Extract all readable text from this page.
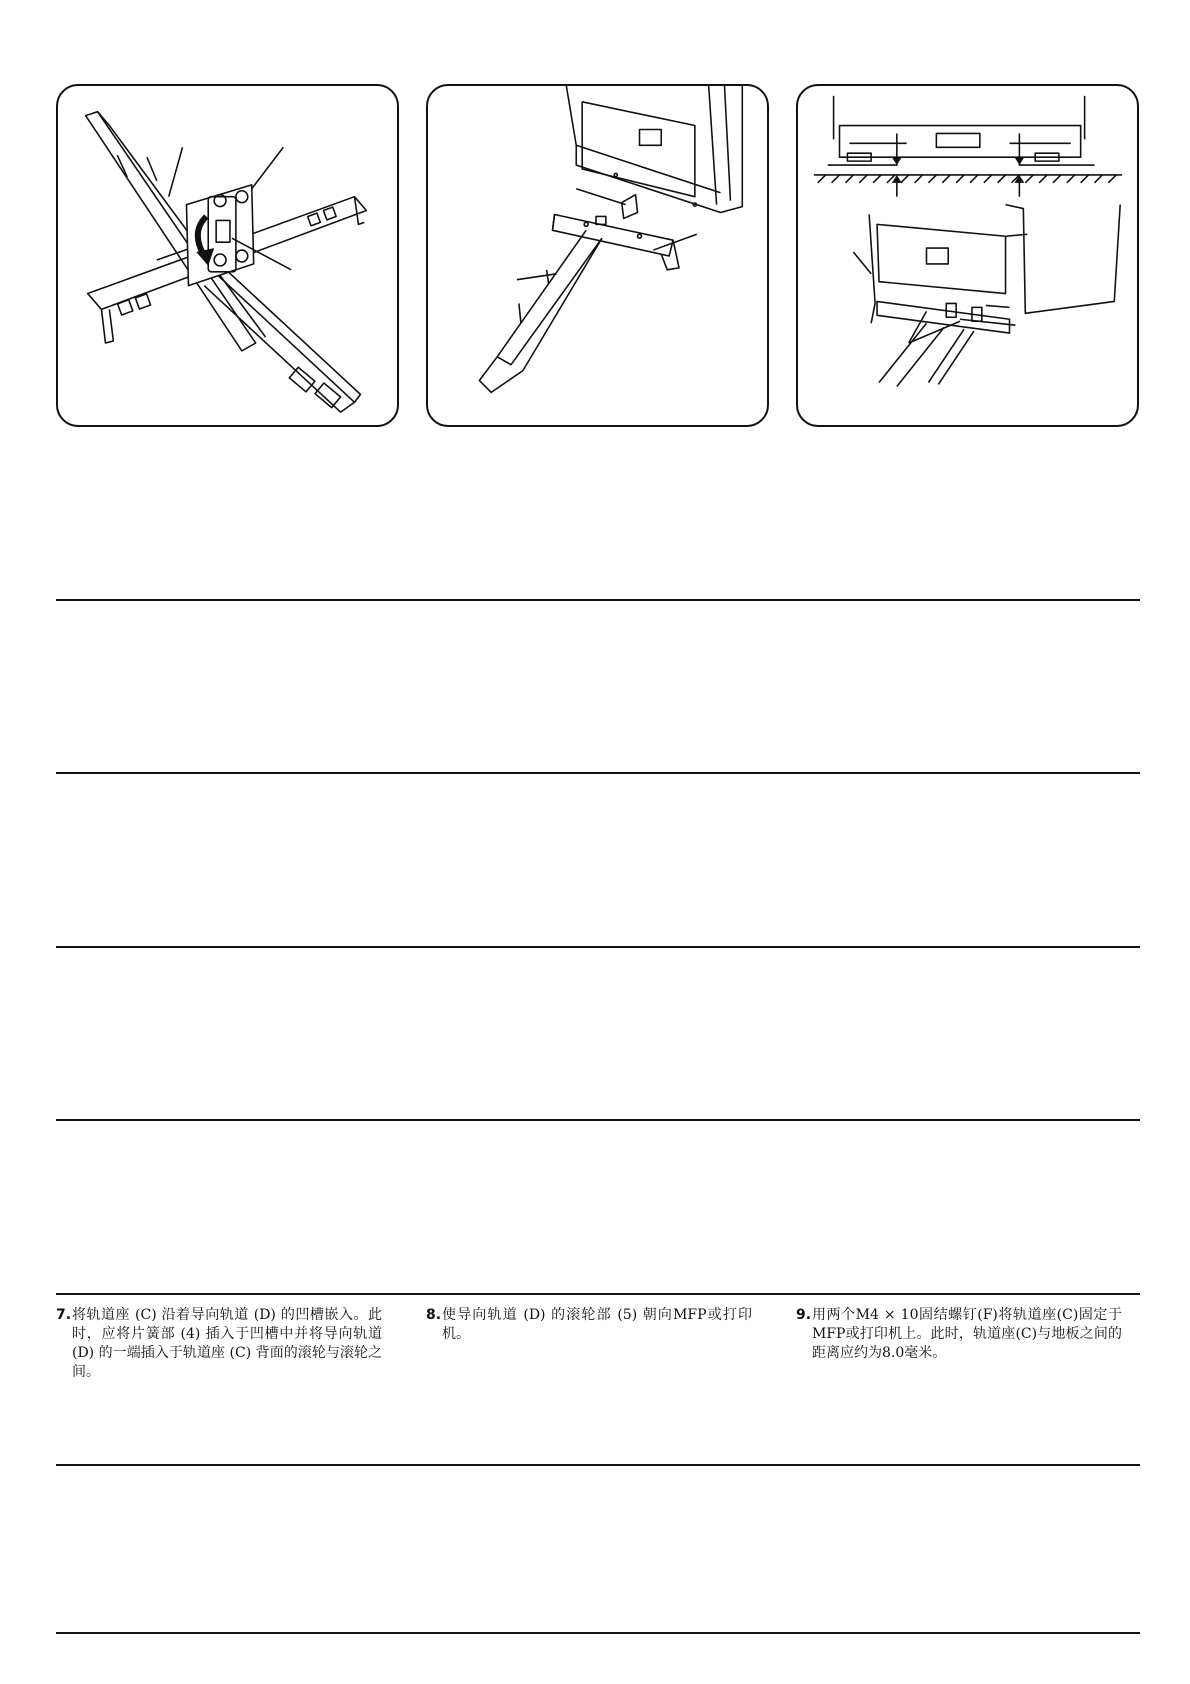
7. 将轨道座 (C) 沿着导向轨道 (D) 的凹槽嵌入。此时，应将片簧部 (4) 插入于凹槽中并将导向轨道 (D) 的一端插入于轨道座 (C) 背面的滚轮与滚轮之间。
8. 使导向轨道 (D) 的滚轮部 (5) 朝向MFP或打印机。
9. 用两个M4 × 10固结螺钉(F)将轨道座(C)固定于MFP或打印机上。此时，轨道座(C)与地板之间的距离应约为8.0毫米。
